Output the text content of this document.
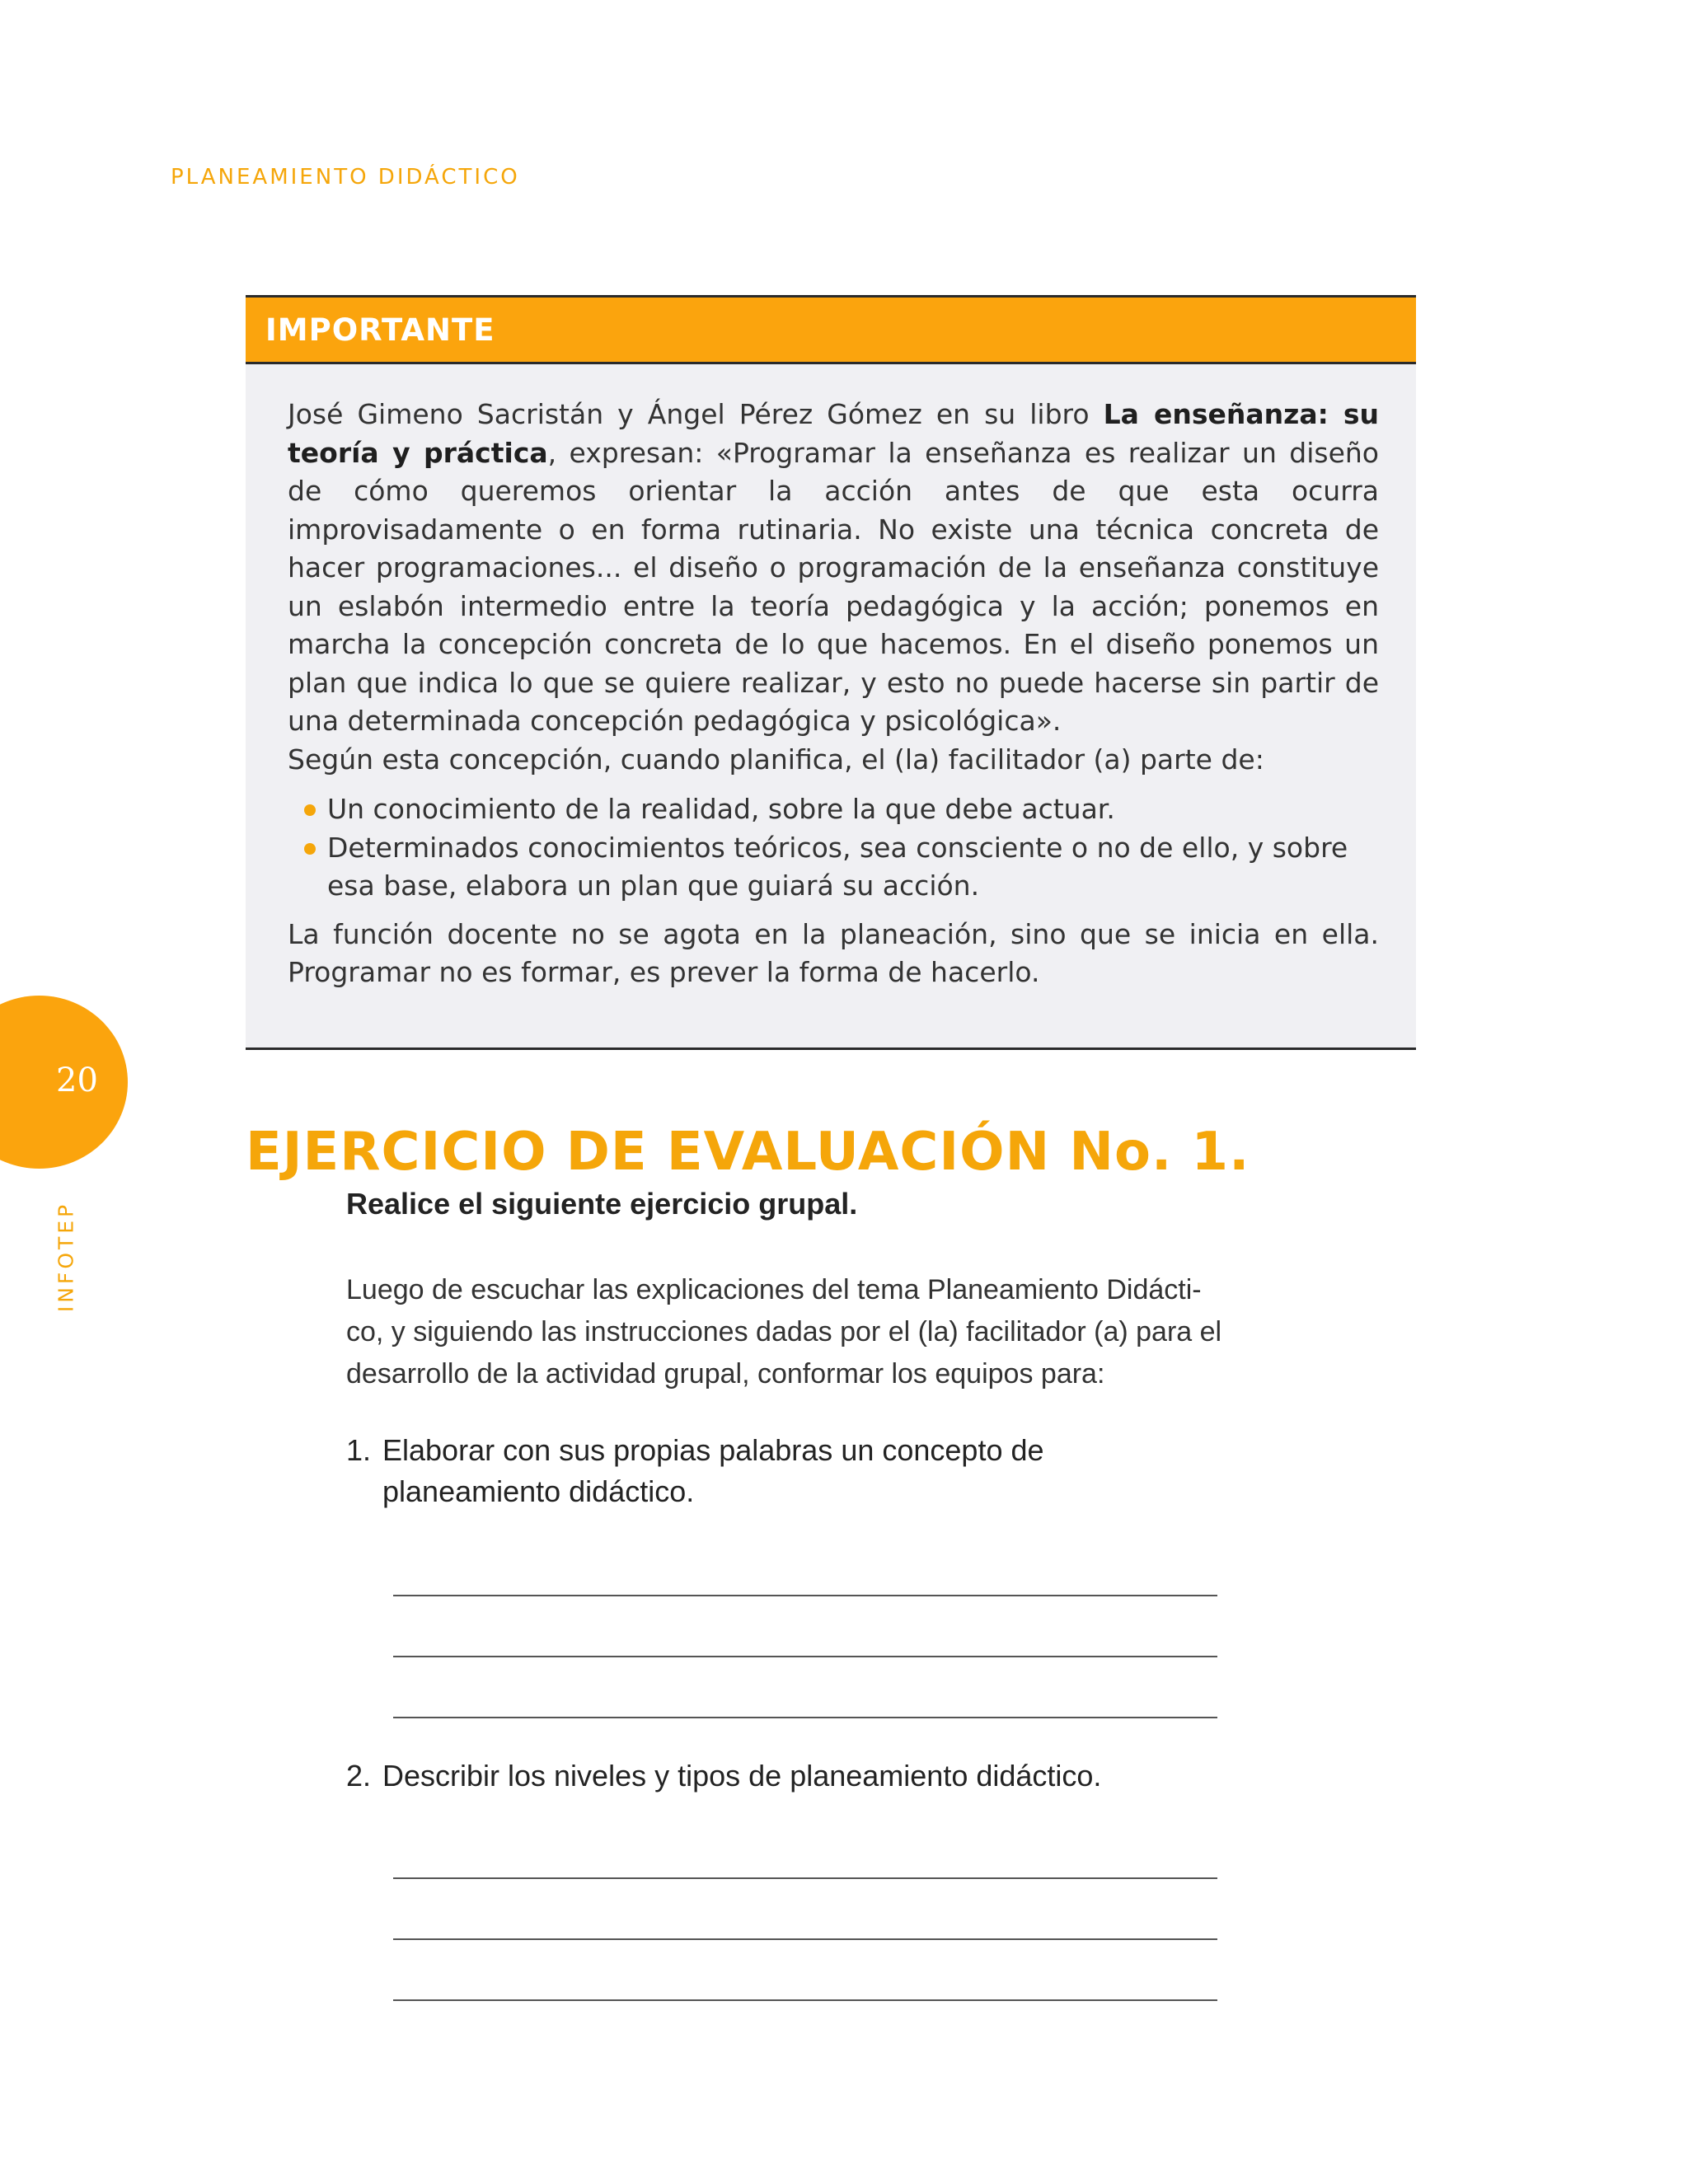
PLANEAMIENTO DIDÁCTICO
IMPORTANTE

José Gimeno Sacristán y Ángel Pérez Gómez en su libro La enseñanza: su teoría y práctica, expresan: «Programar la enseñanza es realizar un diseño de cómo queremos orientar la acción antes de que esta ocurra improvisadamente o en forma rutinaria. No existe una técnica concreta de hacer programaciones... el diseño o programación de la enseñanza constituye un eslabón intermedio entre la teoría pedagógica y la acción; ponemos en marcha la concepción concreta de lo que hacemos. En el diseño ponemos un plan que indica lo que se quiere realizar, y esto no puede hacerse sin partir de una determinada concepción pedagógica y psicológica».

Según esta concepción, cuando planifica, el (la) facilitador (a) parte de:

Un conocimiento de la realidad, sobre la que debe actuar.
Determinados conocimientos teóricos, sea consciente o no de ello, y sobre esa base, elabora un plan que guiará su acción.

La función docente no se agota en la planeación, sino que se inicia en ella. Programar no es formar, es prever la forma de hacerlo.

20
INFOTEP
EJERCICIO DE EVALUACIÓN No. 1.
Realice el siguiente ejercicio grupal.

Luego de escuchar las explicaciones del tema Planeamiento Didácti- co, y siguiendo las instrucciones dadas por el (la) facilitador (a) para el desarrollo de la actividad grupal, conformar los equipos para:

1. Elaborar con sus propias palabras un concepto de planeamiento didáctico.
2. Describir los niveles y tipos de planeamiento didáctico.
